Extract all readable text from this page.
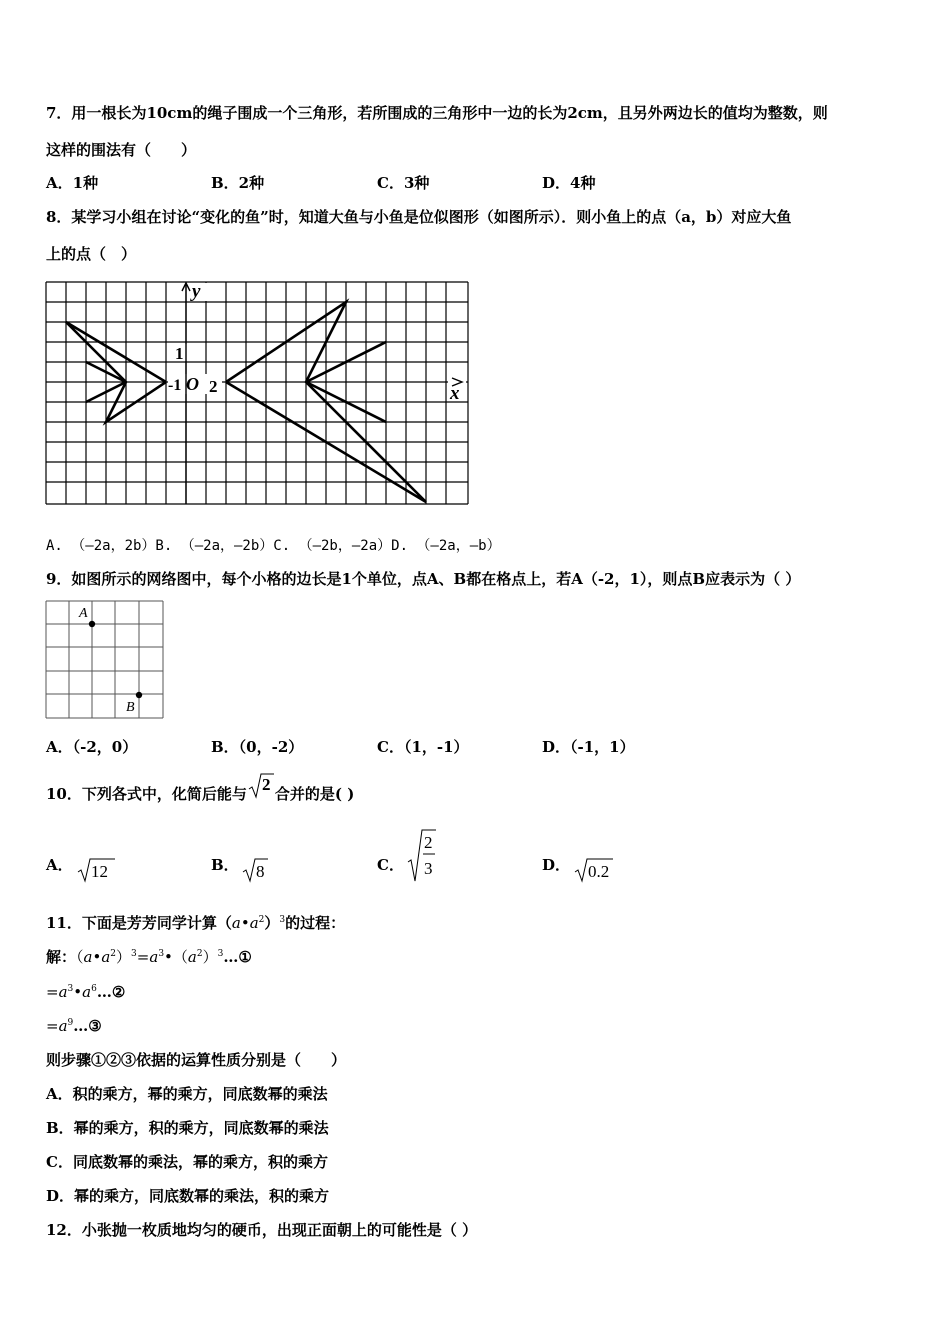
7．用一根长为10cm的绳子围成一个三角形，若所围成的三角形中一边的长为2cm，且另外两边长的值均为整数，则
这样的围法有（　　）
A．1种	B．2种	C．3种	D．4种
8．某学习小组在讨论“变化的鱼”时，知道大鱼与小鱼是位似图形（如图所示）．则小鱼上的点（a，b）对应大鱼
上的点（　）
y
x
1
-1 O 2
A. （—2a，2b）B. （—2a，—2b）C. （—2b，—2a）D. （—2a，—b）
9．如图所示的网络图中，每个小格的边长是1个单位，点A、B都在格点上，若A（-2，1），则点B应表示为（ ）
A
B
A．（-2，0）	B．（0，-2）	C．（1，-1）	D．（-1，1）
10．下列各式中，化简后能与 2 合并的是( )
A． 12	B． 8	C．
2
3	D． 0.2
11．下面是芳芳同学计算$(a•a^2)^3$的过程：
解：$(a•a^2)^3=a^3•(a^2)^3\dots ①$
$=a^3•a^6\dots ②$
$=a^9\dots ③$
则步骤①②③依据的运算性质分别是（　　）
A．积的乘方，幂的乘方，同底数幂的乘法
B．幂的乘方，积的乘方，同底数幂的乘法
C．同底数幂的乘法，幂的乘方，积的乘方
D．幂的乘方，同底数幂的乘法，积的乘方
12．小张抛一枚质地均匀的硬币，出现正面朝上的可能性是（ ）
